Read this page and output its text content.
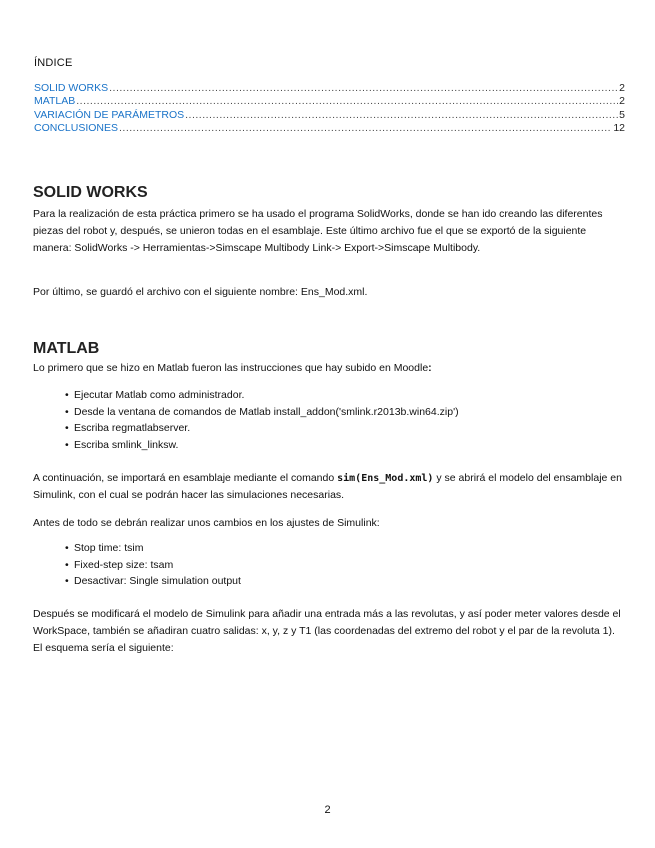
ÍNDICE
SOLID WORKS .....	2
MATLAB .....	2
VARIACIÓN DE PARÁMETROS .....	5
CONCLUSIONES .....	12
SOLID WORKS
Para la realización de esta práctica primero se ha usado el programa SolidWorks, donde se han ido creando las diferentes piezas del robot y, después, se unieron todas en el esamblaje. Este último archivo fue el que se exportó de la siguiente manera: SolidWorks -> Herramientas->Simscape Multibody Link-> Export->Simscape Multibody.
Por último, se guardó el archivo con el siguiente nombre: Ens_Mod.xml.
MATLAB
Lo primero que se hizo en Matlab fueron las instrucciones que hay subido en Moodle:
• Ejecutar Matlab como administrador.
• Desde la ventana de comandos de Matlab install_addon('smlink.r2013b.win64.zip')
• Escriba regmatlabserver.
• Escriba smlink_linksw.
A continuación, se importará en esamblaje mediante el comando sim(Ens_Mod.xml) y se abrirá el modelo del ensamblaje en Simulink, con el cual se podrán hacer las simulaciones necesarias.
Antes de todo se debrán realizar unos cambios en los ajustes de Simulink:
• Stop time: tsim
• Fixed-step size: tsam
• Desactivar: Single simulation output
Después se modificará el modelo de Simulink para añadir una entrada más a las revolutas, y así poder meter valores desde el WorkSpace, también se añadiran cuatro salidas: x, y, z y T1 (las coordenadas del extremo del robot y el par de la revoluta 1). El esquema sería el siguiente:
2
